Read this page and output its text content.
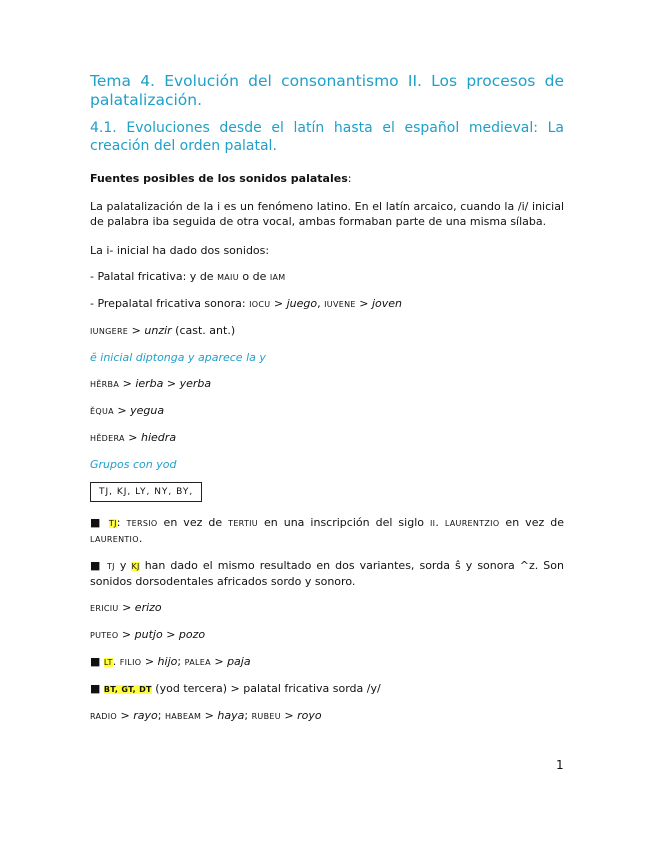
Tema 4. Evolución del consonantismo II. Los procesos de palatalización.
4.1. Evoluciones desde el latín hasta el español medieval: La creación del orden palatal.

Fuentes posibles de los sonidos palatales:

La palatalización de la i es un fenómeno latino. En el latín arcaico, cuando la /i/ inicial de palabra iba seguida de otra vocal, ambas formaban parte de una misma sílaba.

La i- inicial ha dado dos sonidos:

- Palatal fricativa: y de MAIU o de IAM

- Prepalatal fricativa sonora: IOCU > juego, IUVENE > joven

IUNGERE > unzir (cast. ant.)

ĕ inicial diptonga y aparece la y

HĔRBA > ierba > yerba

ĔQUA > yegua

HĔDERA > hiedra

Grupos con yod

TJ, KJ, LY, NY, BY,

■ TJ: TERSIO en vez de TERTIU en una inscripción del siglo II. LAURENTZIO en vez de LAURENTIO.

■ TJ y KJ han dado el mismo resultado en dos variantes, sorda ŝ y sonora ^z. Son sonidos dorsodentales africados sordo y sonoro.

ERICIU > erizo

PUTEO > putjo > pozo

■ LT. FILIO > hijo; PALEA > paja

■ BT, GT, DT (yod tercera) > palatal fricativa sorda /y/

RADIO > rayo; HABEAM > haya; RUBEU > royo

1
